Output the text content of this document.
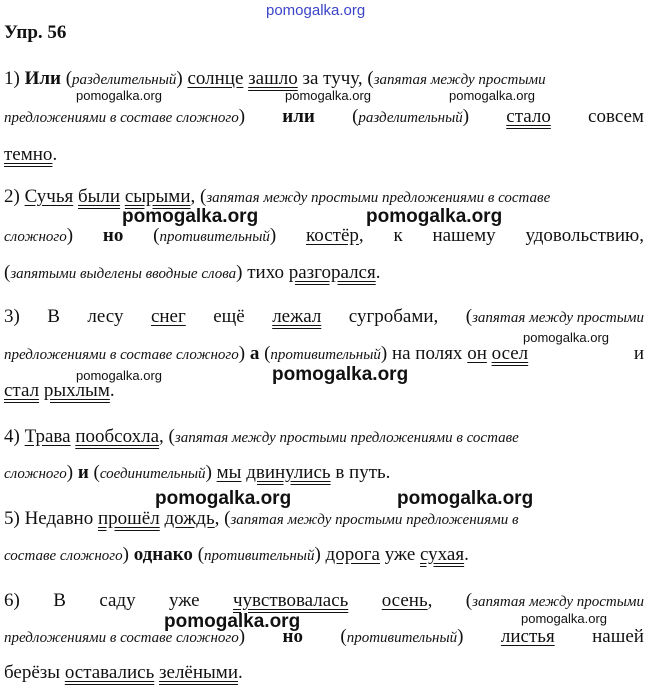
pomogalka.org
pomogalka.org	pomogalka.org	pomogalka.org
pomogalka.org	pomogalka.org
pomogalka.org
pomogalka.org	pomogalka.org
pomogalka.org	pomogalka.org
pomogalka.org
pomogalka.org
Упр. 56
1) Или (разделительный) солнце зашло за тучу, (запятая между простыми
предложениями в составе сложного) или (разделительный) стало совсем
темно.
2) Сучья были сырыми, (запятая между простыми предложениями в составе
сложного) но (противительный) костёр, к нашему удовольствию,
(запятыми выделены вводные слова) тихо разгорался.
3) В лесу снег ещё лежал сугробами, (запятая между простыми
предложениями в составе сложного) а (противительный) на полях он осел	и
стал рыхлым.
4) Трава пообсохла, (запятая между простыми предложениями в составе
сложного) и (соединительный) мы двинулись в путь.
5) Недавно прошёл дождь, (запятая между простыми предложениями в
составе сложного) однако (противительный) дорога уже сухая.
6) В саду уже чувствовалась осень, (запятая между простыми
предложениями в составе сложного) но (противительный) листья нашей
берёзы оставались зелёными.
